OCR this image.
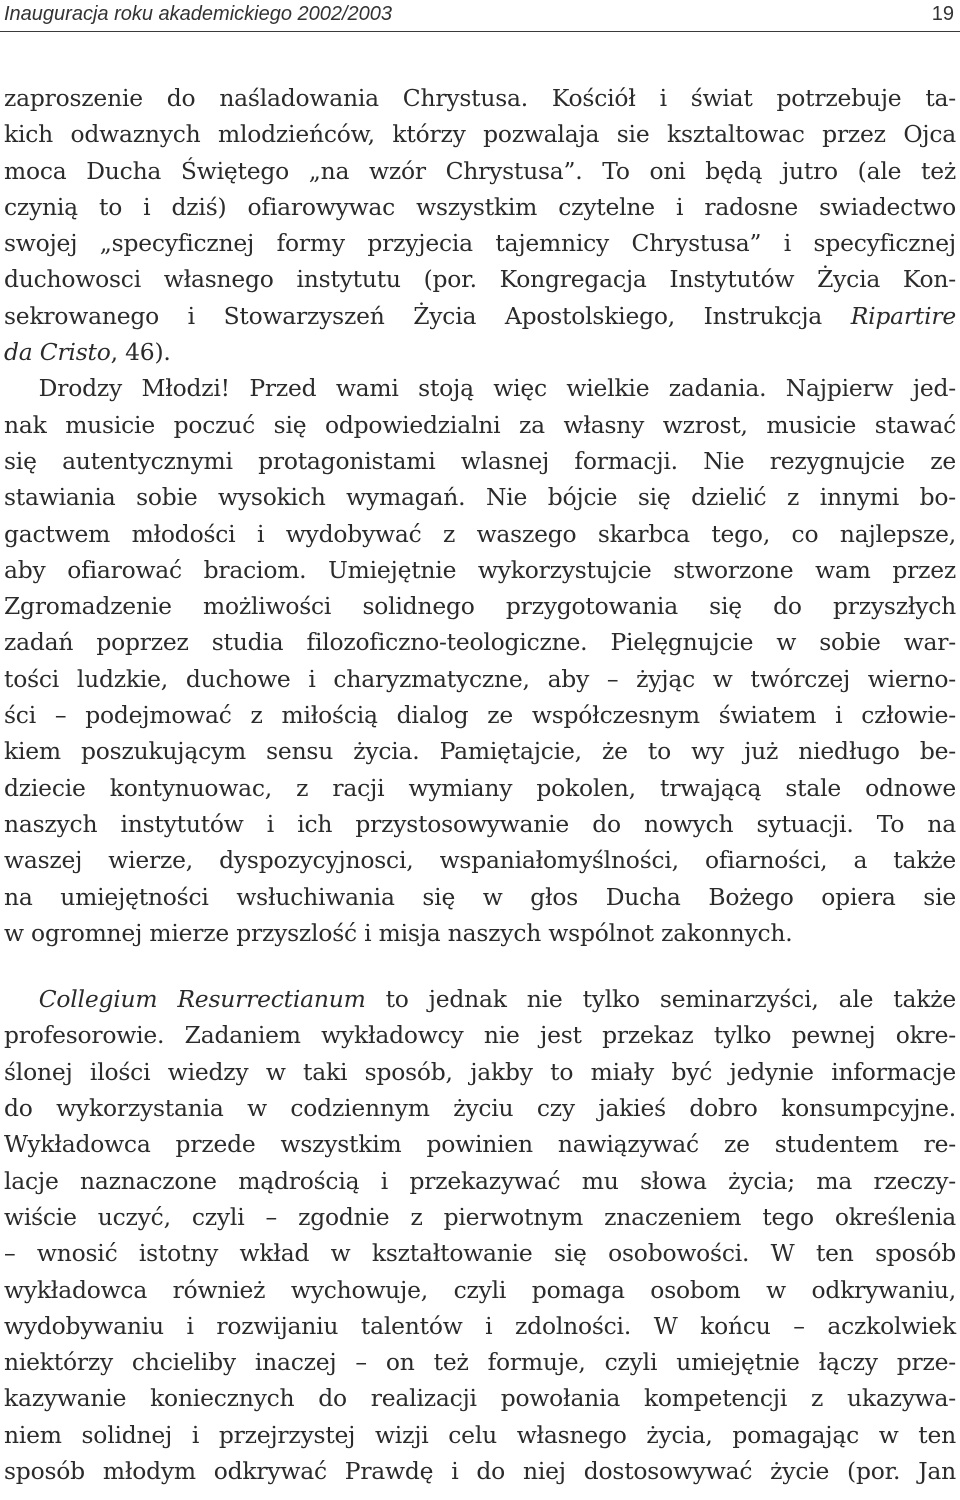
Inauguracja roku akademickiego 2002/2003	19
zaproszenie do naśladowania Chrystusa. Kościół i świat potrzebuje ta-
kich odwaznych mlodzieńców, którzy pozwalaja sie ksztaltowac przez Ojca
moca Ducha Świętego „na wzór Chrystusa”. To oni będą jutro (ale też
czynią to i dziś) ofiarowywac wszystkim czytelne i radosne swiadectwo
swojej „specyficznej formy przyjecia tajemnicy Chrystusa” i specyficznej
duchowosci własnego instytutu (por. Kongregacja Instytutów Życia Kon-
sekrowanego i Stowarzyszeń Życia Apostolskiego, Instrukcja Ripartire
da Cristo, 46).
  Drodzy Młodzi! Przed wami stoją więc wielkie zadania. Najpierw jed-
nak musicie poczuć się odpowiedzialni za własny wzrost, musicie stawać
się autentycznymi protagonistami wlasnej formacji. Nie rezygnujcie ze
stawiania sobie wysokich wymagań. Nie bójcie się dzielić z innymi bo-
gactwem młodości i wydobywać z waszego skarbca tego, co najlepsze,
aby ofiarować braciom. Umiejętnie wykorzystujcie stworzone wam przez
Zgromadzenie możliwości solidnego przygotowania się do przyszłych
zadań poprzez studia filozoficzno-teologiczne. Pielęgnujcie w sobie war-
tości ludzkie, duchowe i charyzmatyczne, aby – żyjąc w twórczej wierno-
ści – podejmować z miłością dialog ze współczesnym światem i człowie-
kiem poszukującym sensu życia. Pamiętajcie, że to wy już niedługo be-
dziecie kontynuowac, z racji wymiany pokolen, trwającą stale odnowe
naszych instytutów i ich przystosowywanie do nowych sytuacji. To na
waszej wierze, dyspozycyjnosci, wspaniałomyślności, ofiarności, a także
na umiejętności wsłuchiwania się w głos Ducha Bożego opiera sie
w ogromnej mierze przyszlość i misja naszych wspólnot zakonnych.
  Collegium Resurrectianum to jednak nie tylko seminarzyści, ale także
profesorowie. Zadaniem wykładowcy nie jest przekaz tylko pewnej okre-
ślonej ilości wiedzy w taki sposób, jakby to miały być jedynie informacje
do wykorzystania w codziennym życiu czy jakieś dobro konsumpcyjne.
Wykładowca przede wszystkim powinien nawiązywać ze studentem re-
lacje naznaczone mądrością i przekazywać mu słowa życia; ma rzeczy-
wiście uczyć, czyli – zgodnie z pierwotnym znaczeniem tego określenia
– wnosić istotny wkład w kształtowanie się osobowości. W ten sposób
wykładowca również wychowuje, czyli pomaga osobom w odkrywaniu,
wydobywaniu i rozwijaniu talentów i zdolności. W końcu – aczkolwiek
niektórzy chcieliby inaczej – on też formuje, czyli umiejętnie łączy prze-
kazywanie koniecznych do realizacji powołania kompetencji z ukazywa-
niem solidnej i przejrzystej wizji celu własnego życia, pomagając w ten
sposób młodym odkrywać Prawdę i do niej dostosowywać życie (por. Jan
